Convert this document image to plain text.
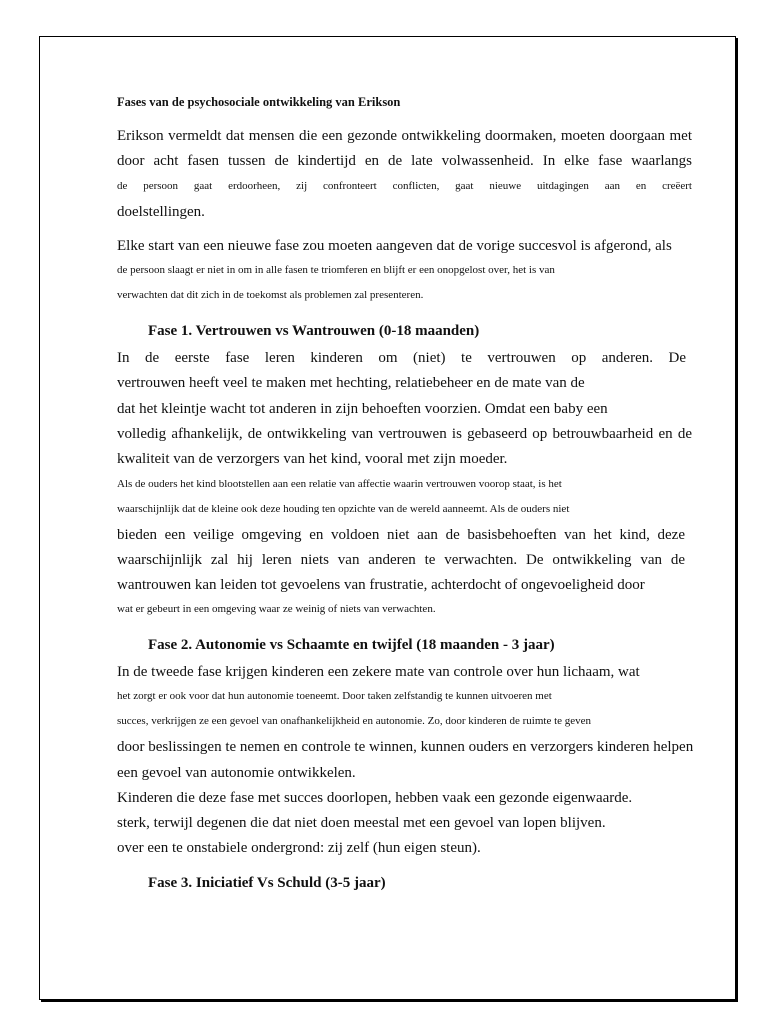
Fases van de psychosociale ontwikkeling van Erikson
Erikson vermeldt dat mensen die een gezonde ontwikkeling doormaken, moeten doorgaan met
door acht fasen tussen de kindertijd en de late volwassenheid. In elke fase waarlangs
de persoon gaat erdoorheen, zij confronteert conflicten, gaat nieuwe uitdagingen aan en creëert
doelstellingen.
Elke start van een nieuwe fase zou moeten aangeven dat de vorige succesvol is afgerond, als
de persoon slaagt er niet in om in alle fasen te triomferen en blijft er een onopgelost over, het is van
verwachten dat dit zich in de toekomst als problemen zal presenteren.
Fase 1. Vertrouwen vs Wantrouwen (0-18 maanden)
In de eerste fase leren kinderen om (niet) te vertrouwen op anderen. De
vertrouwen heeft veel te maken met hechting, relatiebeheer en de mate van de
dat het kleintje wacht tot anderen in zijn behoeften voorzien. Omdat een baby een
volledig afhankelijk, de ontwikkeling van vertrouwen is gebaseerd op betrouwbaarheid en de
kwaliteit van de verzorgers van het kind, vooral met zijn moeder.
Als de ouders het kind blootstellen aan een relatie van affectie waarin vertrouwen voorop staat, is het
waarschijnlijk dat de kleine ook deze houding ten opzichte van de wereld aanneemt. Als de ouders niet
bieden een veilige omgeving en voldoen niet aan de basisbehoeften van het kind, deze
waarschijnlijk zal hij leren niets van anderen te verwachten. De ontwikkeling van de
wantrouwen kan leiden tot gevoelens van frustratie, achterdocht of ongevoeligheid door
wat er gebeurt in een omgeving waar ze weinig of niets van verwachten.
Fase 2. Autonomie vs Schaamte en twijfel (18 maanden - 3 jaar)
In de tweede fase krijgen kinderen een zekere mate van controle over hun lichaam, wat
het zorgt er ook voor dat hun autonomie toeneemt. Door taken zelfstandig te kunnen uitvoeren met
succes, verkrijgen ze een gevoel van onafhankelijkheid en autonomie. Zo, door kinderen de ruimte te geven
door beslissingen te nemen en controle te winnen, kunnen ouders en verzorgers kinderen helpen
een gevoel van autonomie ontwikkelen.
Kinderen die deze fase met succes doorlopen, hebben vaak een gezonde eigenwaarde.
sterk, terwijl degenen die dat niet doen meestal met een gevoel van lopen blijven.
over een te onstabiele ondergrond: zij zelf (hun eigen steun).
Fase 3. Iniciatief Vs Schuld (3-5 jaar)
